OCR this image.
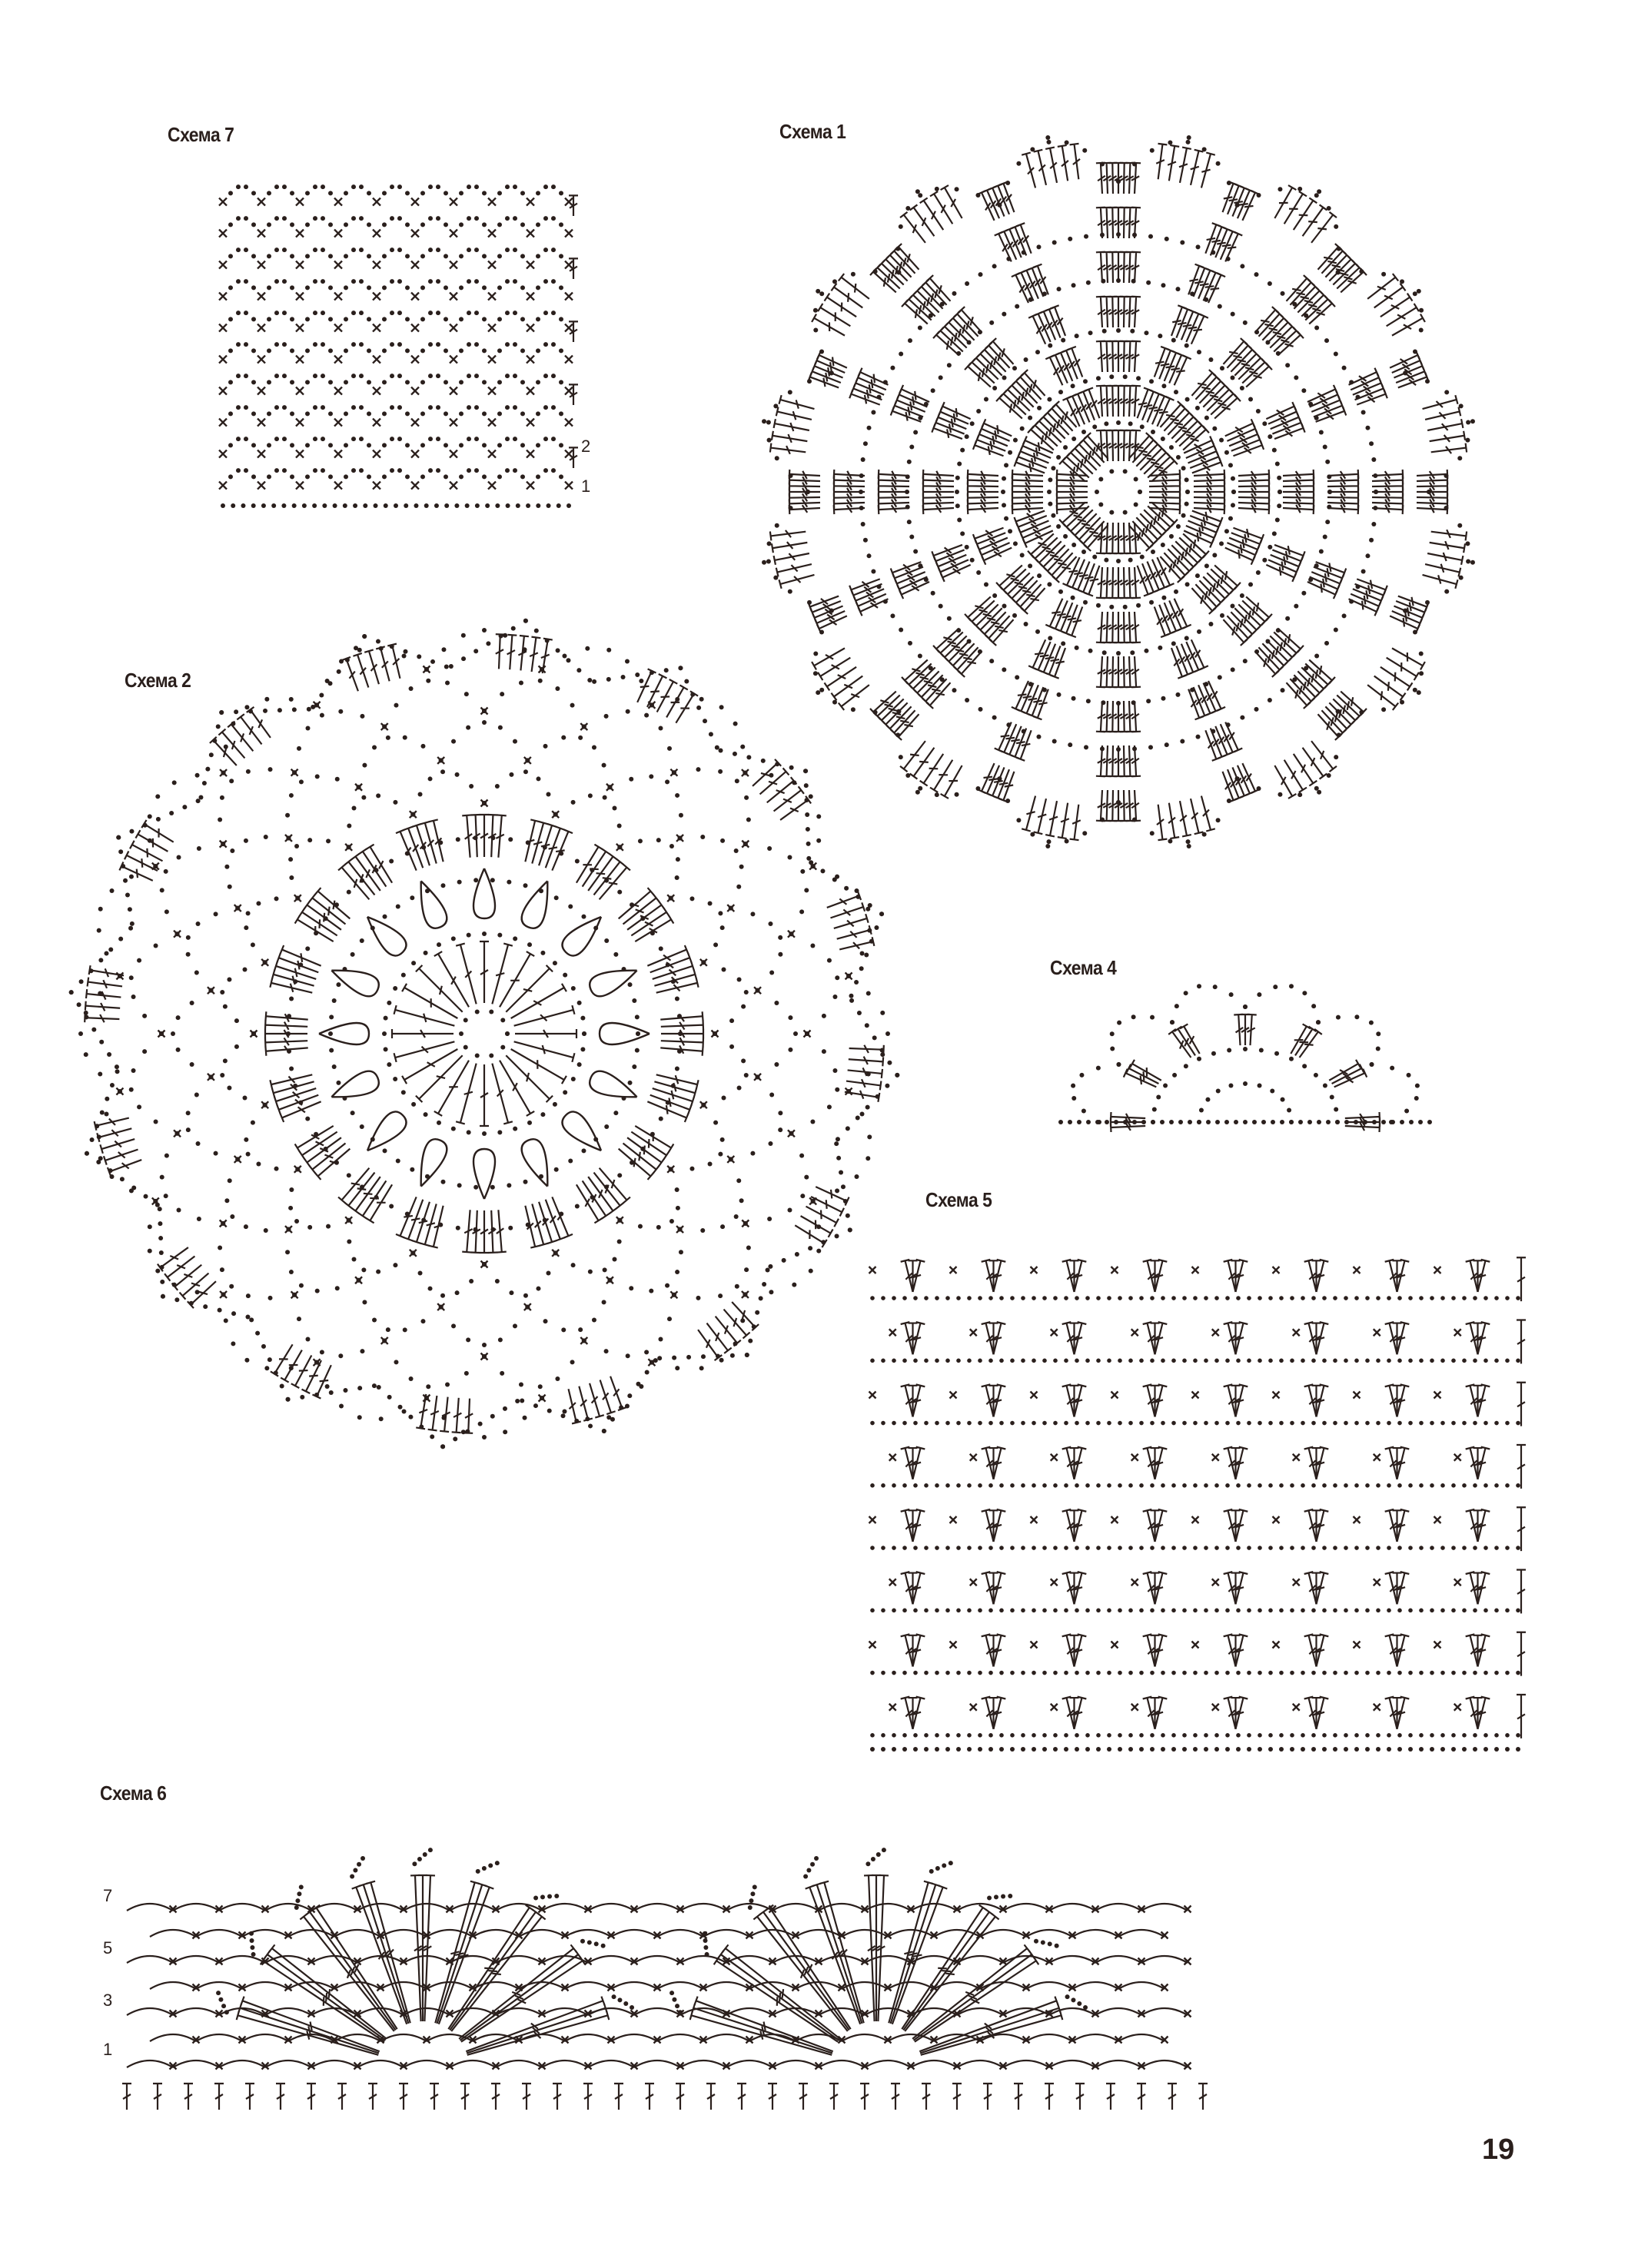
Схема 7	Схема 1
Схема 2
Схема 4
Схема 5
Схема 6
19
2
1
7
5
3
1
